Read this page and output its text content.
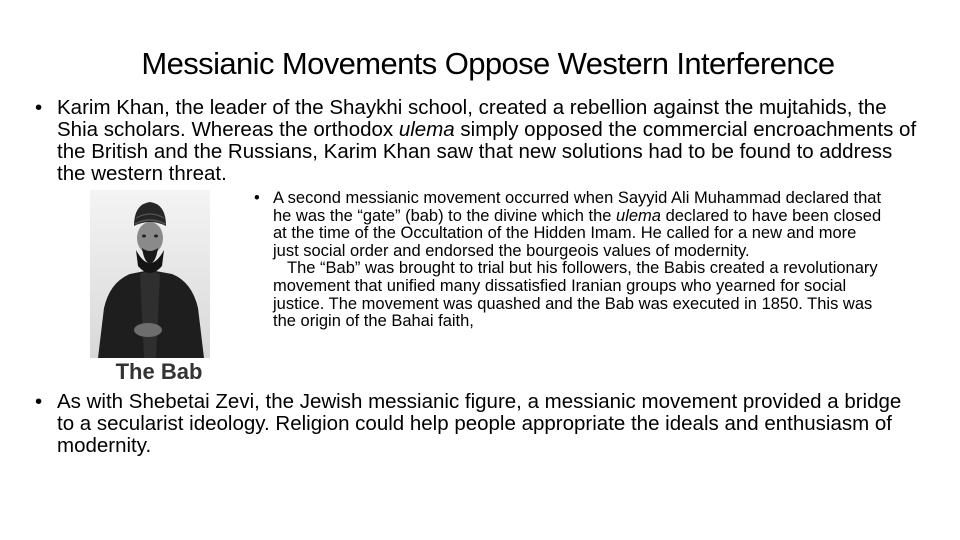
Messianic Movements Oppose Western Interference
• Karim Khan, the leader of the Shaykhi school, created a rebellion against the mujtahids, the Shia scholars. Whereas the orthodox ulema simply opposed the commercial encroachments of the British and the Russians, Karim Khan saw that new solutions had to be found to address the western threat.
The Bab
• A second messianic movement occurred when Sayyid Ali Muhammad declared that he was the “gate” (bab) to the divine which the ulema declared to have been closed at the time of the Occultation of the Hidden Imam. He called for a new and more just social order and endorsed the bourgeois values of modernity.
The “Bab” was brought to trial but his followers, the Babis created a revolutionary movement that unified many dissatisfied Iranian groups who yearned for social justice. The movement was quashed and the Bab was executed in 1850. This was the origin of the Bahai faith,
• As with Shebetai Zevi, the Jewish messianic figure, a messianic movement provided a bridge to a secularist ideology. Religion could help people appropriate the ideals and enthusiasm of modernity.
